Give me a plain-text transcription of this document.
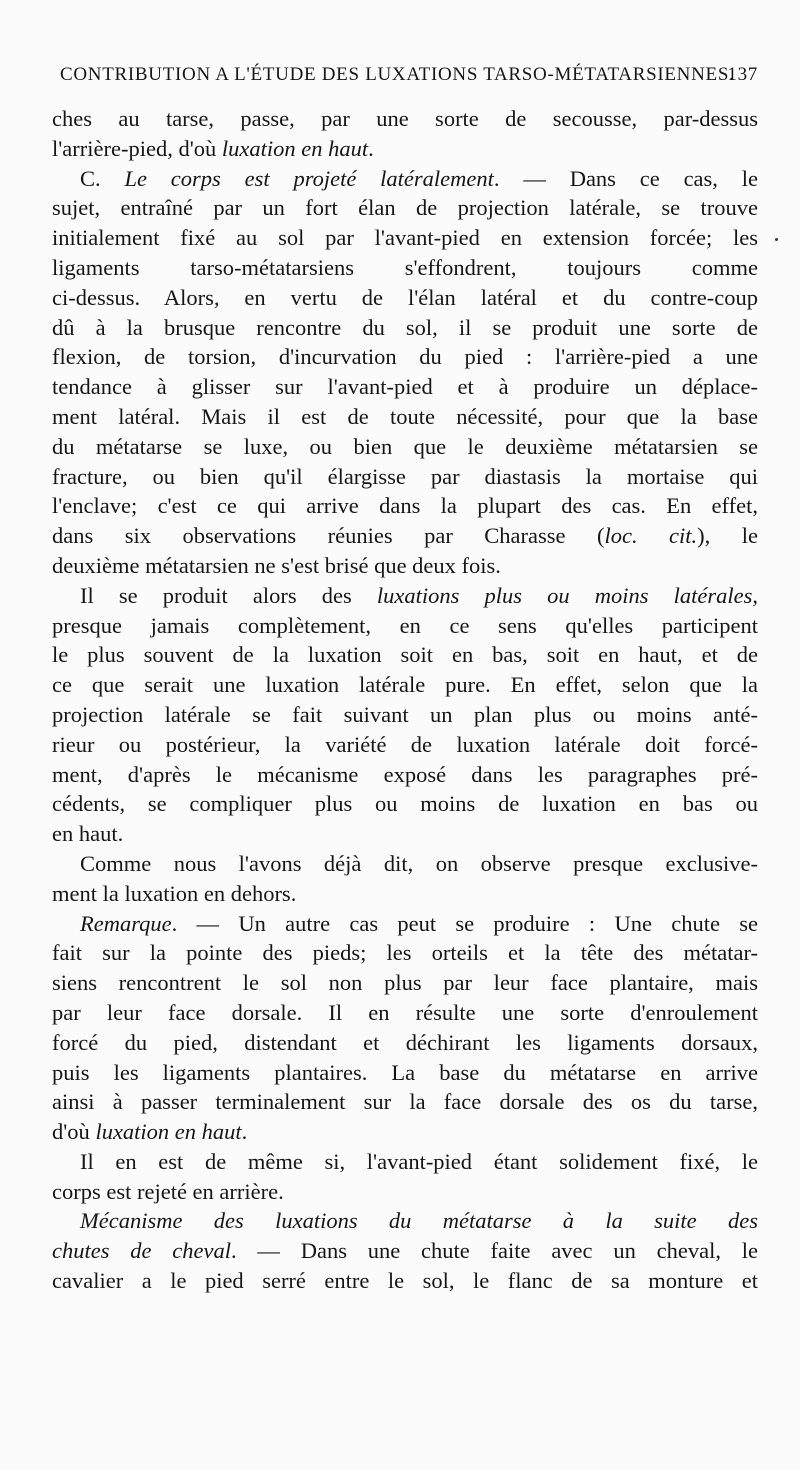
CONTRIBUTION A L'ÉTUDE DES LUXATIONS TARSO-MÉTATARSIENNES.
137
ches au tarse, passe, par une sorte de secousse, par-dessus
l'arrière-pied, d'où luxation en haut.
C. Le corps est projeté latéralement. — Dans ce cas, le
sujet, entraîné par un fort élan de projection latérale, se trouve
initialement fixé au sol par l'avant-pied en extension forcée; les
ligaments tarso-métatarsiens s'effondrent, toujours comme
ci-dessus. Alors, en vertu de l'élan latéral et du contre-coup
dû à la brusque rencontre du sol, il se produit une sorte de
flexion, de torsion, d'incurvation du pied : l'arrière-pied a une
tendance à glisser sur l'avant-pied et à produire un déplace-
ment latéral. Mais il est de toute nécessité, pour que la base
du métatarse se luxe, ou bien que le deuxième métatarsien se
fracture, ou bien qu'il élargisse par diastasis la mortaise qui
l'enclave; c'est ce qui arrive dans la plupart des cas. En effet,
dans six observations réunies par Charasse (loc. cit.), le
deuxième métatarsien ne s'est brisé que deux fois.
Il se produit alors des luxations plus ou moins latérales,
presque jamais complètement, en ce sens qu'elles participent
le plus souvent de la luxation soit en bas, soit en haut, et de
ce que serait une luxation latérale pure. En effet, selon que la
projection latérale se fait suivant un plan plus ou moins anté-
rieur ou postérieur, la variété de luxation latérale doit forcé-
ment, d'après le mécanisme exposé dans les paragraphes pré-
cédents, se compliquer plus ou moins de luxation en bas ou
en haut.
Comme nous l'avons déjà dit, on observe presque exclusive-
ment la luxation en dehors.
Remarque. — Un autre cas peut se produire : Une chute se
fait sur la pointe des pieds; les orteils et la tête des métatar-
siens rencontrent le sol non plus par leur face plantaire, mais
par leur face dorsale. Il en résulte une sorte d'enroulement
forcé du pied, distendant et déchirant les ligaments dorsaux,
puis les ligaments plantaires. La base du métatarse en arrive
ainsi à passer terminalement sur la face dorsale des os du tarse,
d'où luxation en haut.
Il en est de même si, l'avant-pied étant solidement fixé, le
corps est rejeté en arrière.
Mécanisme des luxations du métatarse à la suite des
chutes de cheval. — Dans une chute faite avec un cheval, le
cavalier a le pied serré entre le sol, le flanc de sa monture et
